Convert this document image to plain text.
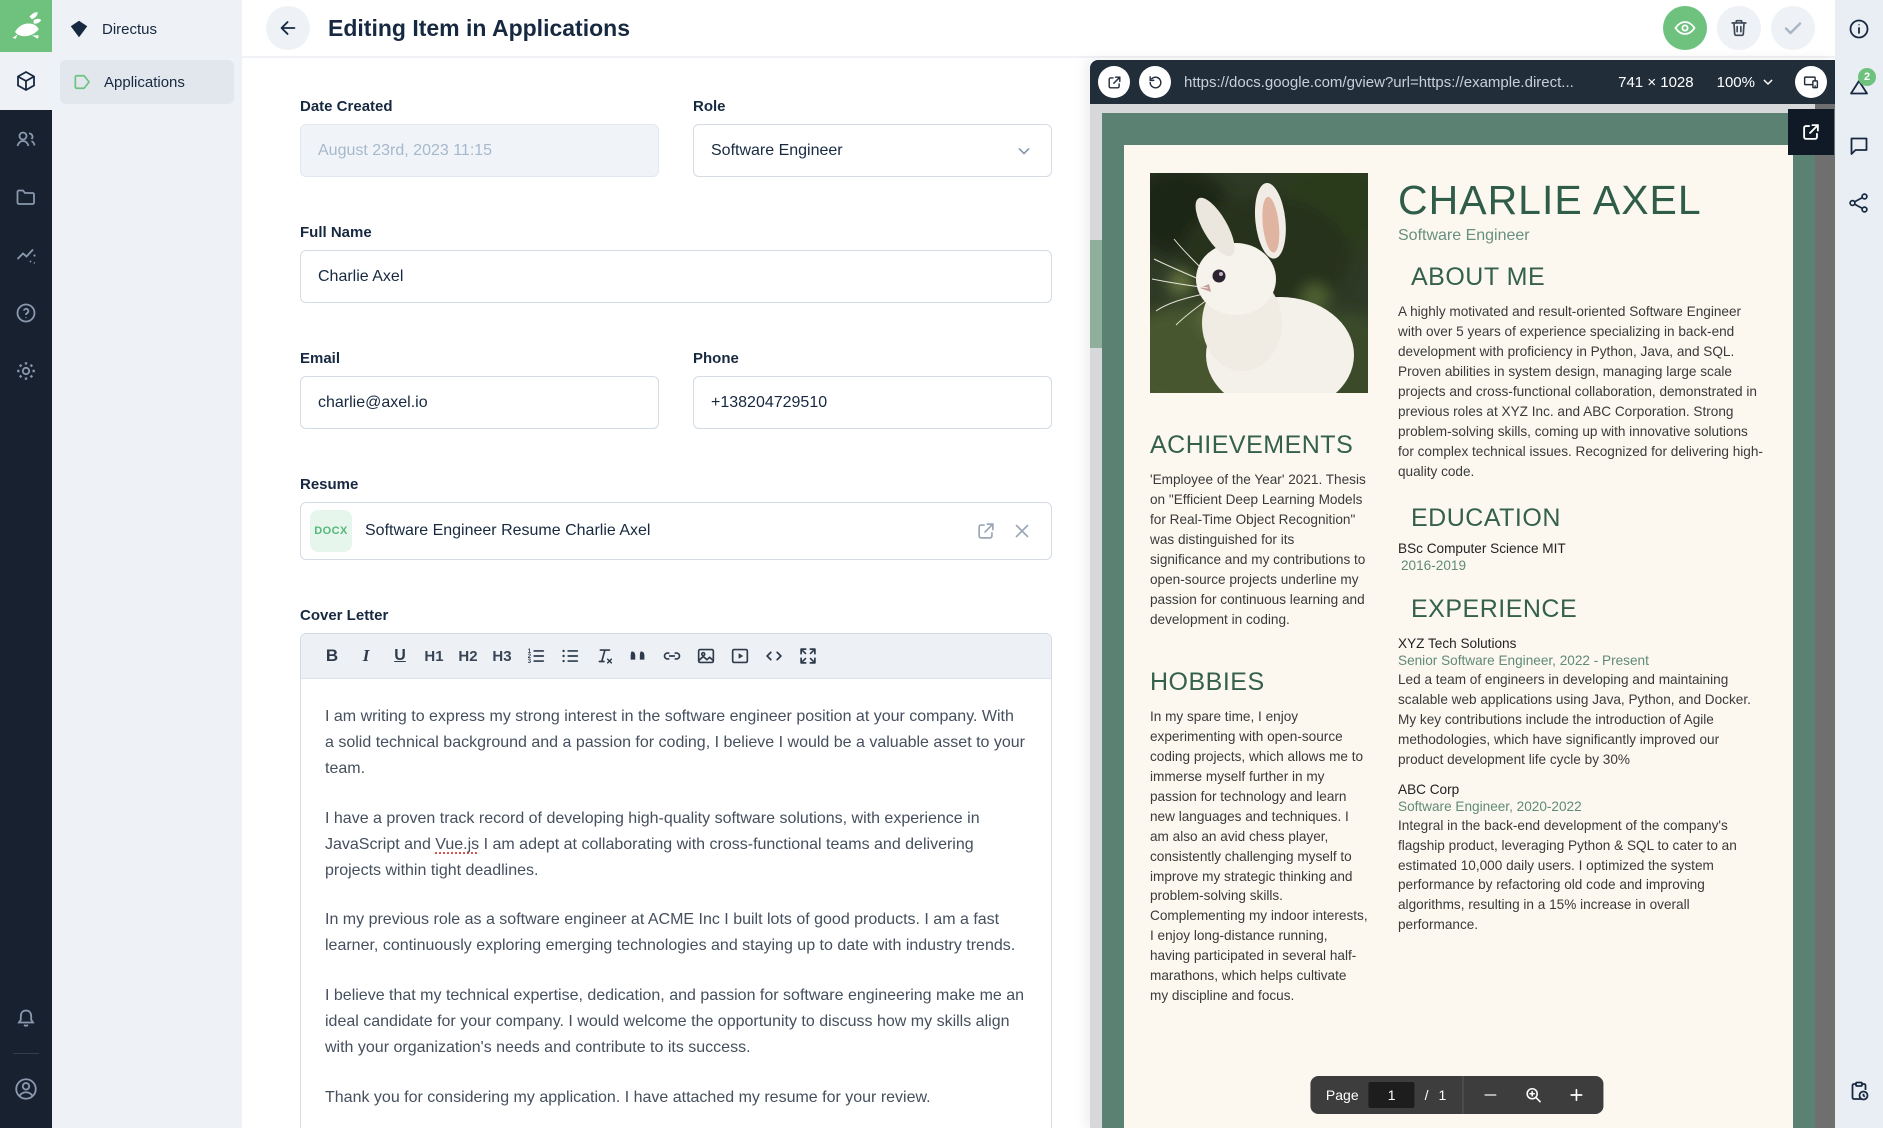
Directus
Applications
Editing Item in Applications
Date Created
August 23rd, 2023 11:15
Role
Software Engineer
Full Name
Charlie Axel
Email
charlie@axel.io
Phone
+138204729510
Resume
DOCX Software Engineer Resume Charlie Axel
Cover Letter
B	I	U	H1 H2 H3	1
2
3

I am writing to express my strong interest in the software engineer position at your company. With a solid technical background and a passion for coding, I believe I would be a valuable asset to your team.

I have a proven track record of developing high-quality software solutions, with experience in JavaScript and Vue.js I am adept at collaborating with cross-functional teams and delivering projects within tight deadlines.

In my previous role as a software engineer at ACME Inc I built lots of good products. I am a fast learner, continuously exploring emerging technologies and staying up to date with industry trends.

I believe that my technical expertise, dedication, and passion for software engineering make me an ideal candidate for your company. I would welcome the opportunity to discuss how my skills align with your organization's needs and contribute to its success.

Thank you for considering my application. I have attached my resume for your review.

https://docs.google.com/gview?url=https://example.direct...	741 × 1028 100%
ACHIEVEMENTS
'Employee of the Year' 2021. Thesis on "Efficient Deep Learning Models for Real-Time Object Recognition" was distinguished for its significance and my contributions to open-source projects underline my passion for continuous learning and development in coding.
HOBBIES
In my spare time, I enjoy experimenting with open-source coding projects, which allows me to immerse myself further in my passion for technology and learn new languages and techniques. I am also an avid chess player, consistently challenging myself to improve my strategic thinking and problem-solving skills. Complementing my indoor interests, I enjoy long-distance running, having participated in several half-marathons, which helps cultivate my discipline and focus.
CHARLIE AXEL
Software Engineer
ABOUT ME
A highly motivated and result-oriented Software Engineer with over 5 years of experience specializing in back-end development with proficiency in Python, Java, and SQL. Proven abilities in system design, managing large scale projects and cross-functional collaboration, demonstrated in previous roles at XYZ Inc. and ABC Corporation. Strong problem-solving skills, coming up with innovative solutions for complex technical issues. Recognized for delivering high-quality code.
EDUCATION
BSc Computer Science MIT
2016-2019
EXPERIENCE
XYZ Tech Solutions
Senior Software Engineer, 2022 - Present
Led a team of engineers in developing and maintaining scalable web applications using Java, Python, and Docker. My key contributions include the introduction of Agile methodologies, which have significantly improved our product development life cycle by 30%
ABC Corp
Software Engineer, 2020-2022
Integral in the back-end development of the company's flagship product, leveraging Python & SQL to cater to an estimated 10,000 daily users. I optimized the system performance by refactoring old code and improving algorithms, resulting in a 15% increase in overall performance.
Page
1	/ 1
2
